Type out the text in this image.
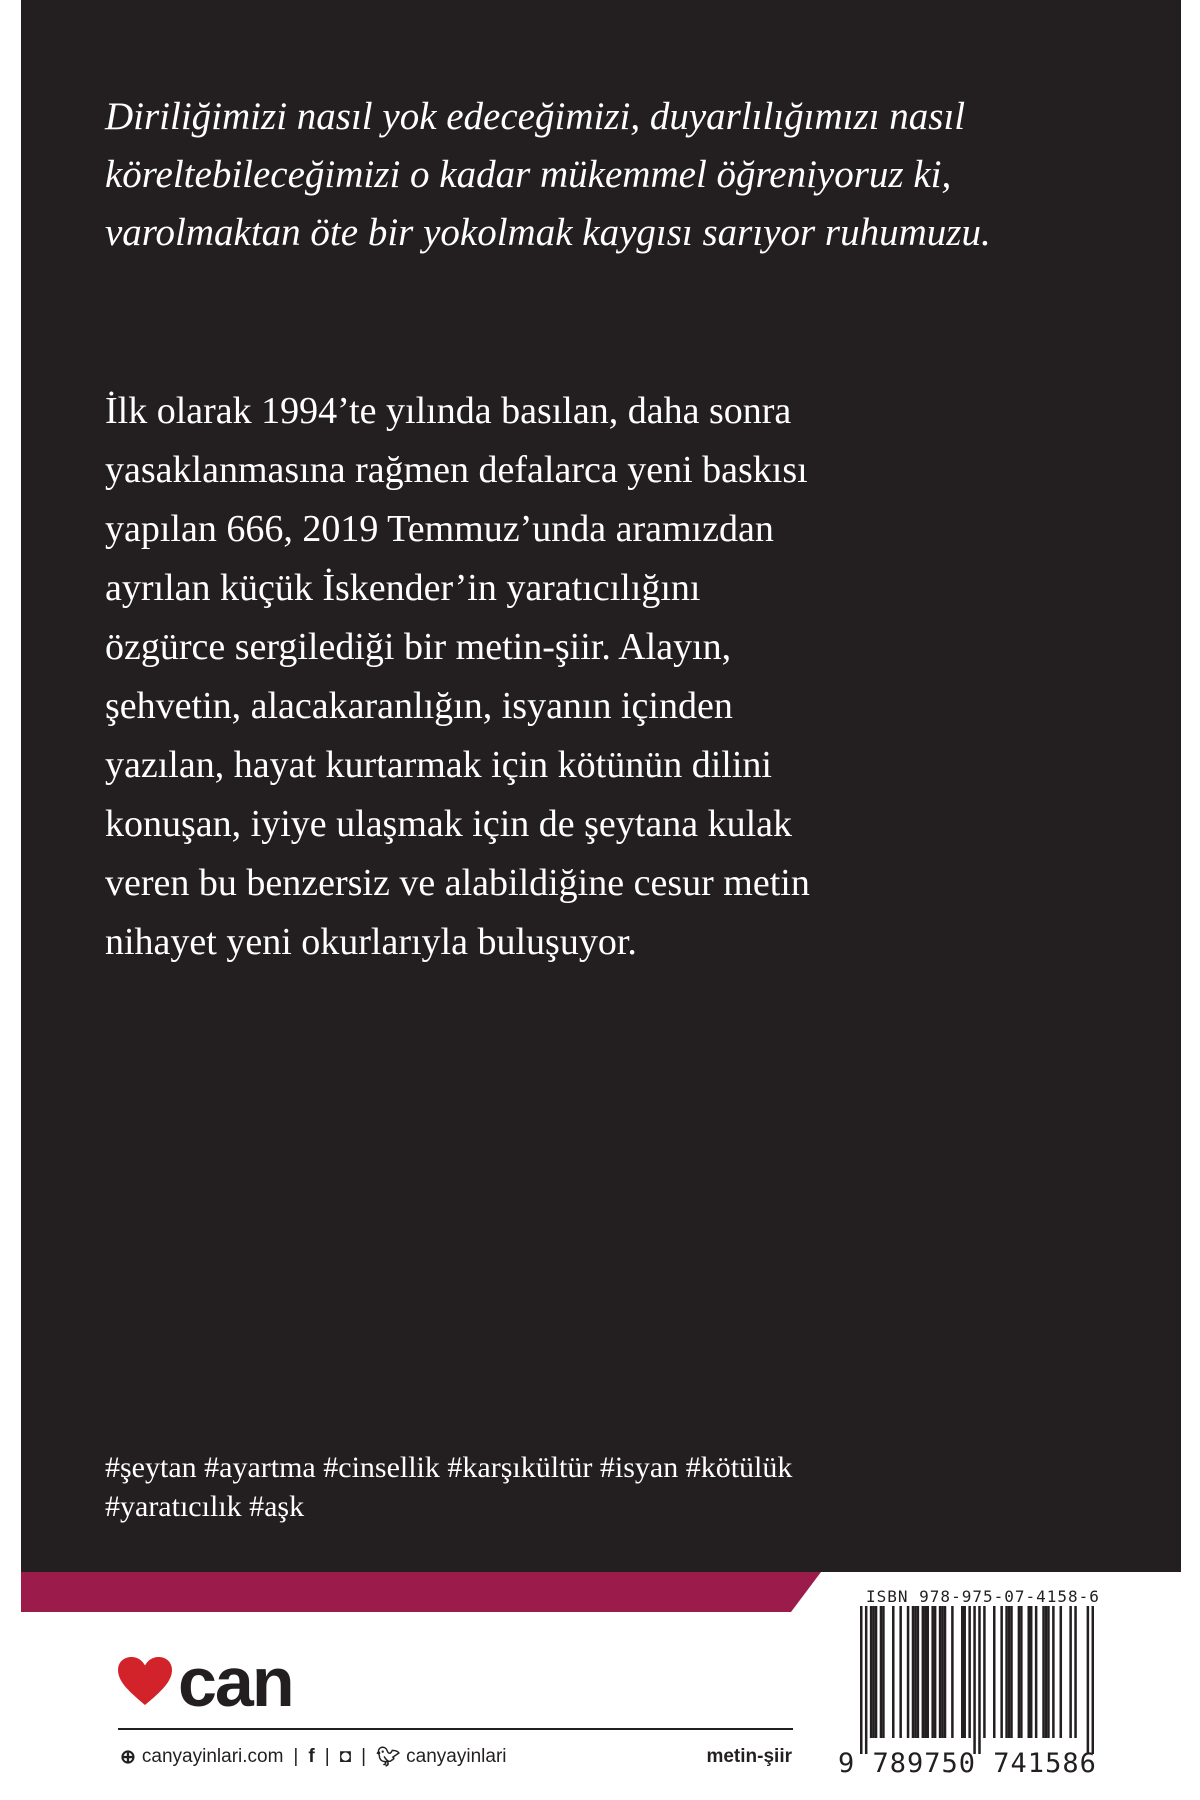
Diriliğimizi nasıl yok edeceğimizi, duyarlılığımızı nasıl

köreltebileceğimizi o kadar mükemmel öğreniyoruz ki,

varolmaktan öte bir yokolmak kaygısı sarıyor ruhumuzu.

İlk olarak 1994’te yılında basılan, daha sonra

yasaklanmasına rağmen defalarca yeni baskısı

yapılan 666, 2019 Temmuz’unda aramızdan

ayrılan küçük İskender’in yaratıcılığını

özgürce sergilediği bir metin-şiir. Alayın,

şehvetin, alacakaranlığın, isyanın içinden

yazılan, hayat kurtarmak için kötünün dilini

konuşan, iyiye ulaşmak için de şeytana kulak

veren bu benzersiz ve alabildiğine cesur metin

nihayet yeni okurlarıyla buluşuyor.

#şeytan #ayartma #cinsellik #karşıkültür #isyan #kötülük

#yaratıcılık #aşk

can
⊕ canyayinlari.com | f | ◘ | 🐦︎ canyayinlari	metin-şiir
ISBN 978-975-07-4158-6
9 789750 741586
